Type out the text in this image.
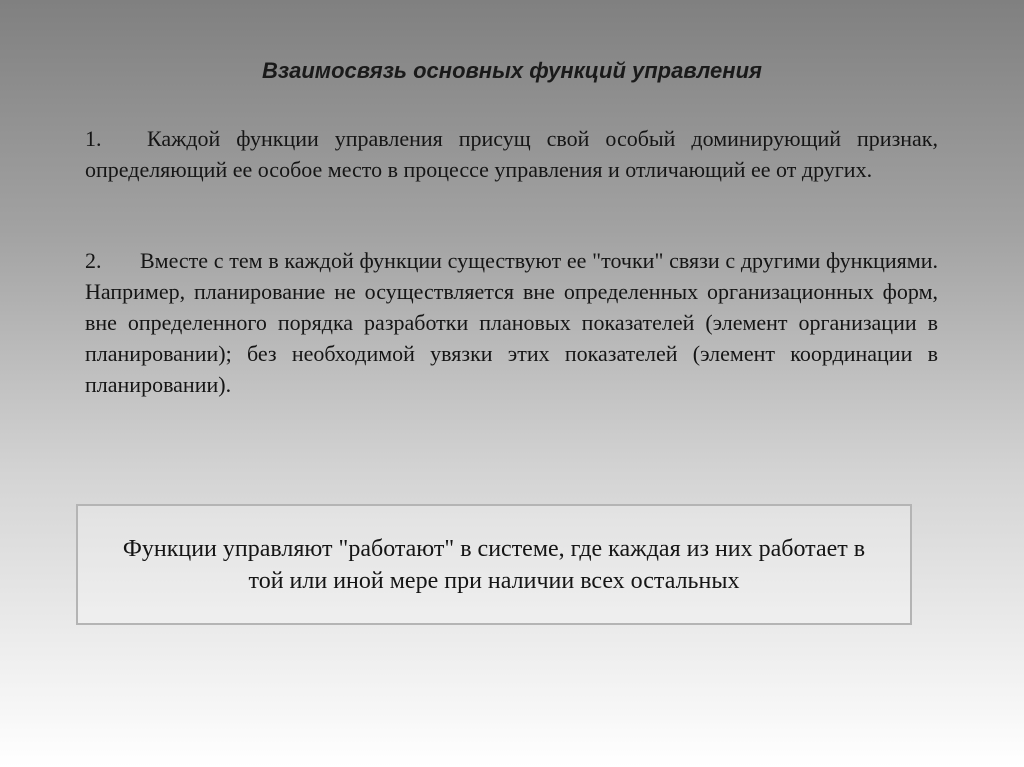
Взаимосвязь основных функций управления

1. Каждой функции управления присущ свой особый доминирующий признак, определяющий ее особое место в процессе управления и отличающий ее от других.

2. Вместе с тем в каждой функции существуют ее "точки" связи с другими функциями. Например, планирование не осуществляется вне определенных организационных форм, вне определенного порядка разработки плановых показателей (элемент организации в планировании); без необходимой увязки этих показателей (элемент координации в планировании).

Функции управляют "работают" в системе, где каждая из них работает в той или иной мере при наличии всех остальных
